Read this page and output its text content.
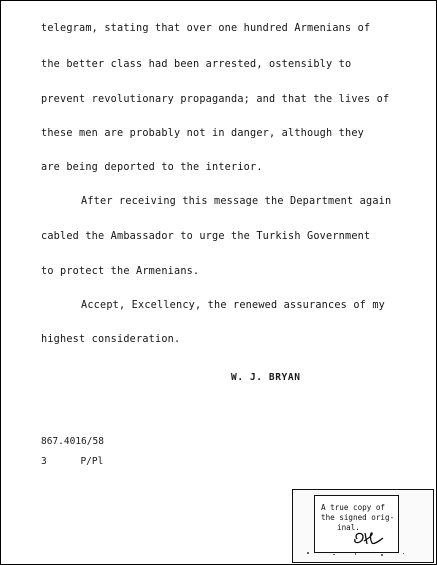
telegram, stating that over one hundred Armenians of
the better class had been arrested, ostensibly to
prevent revolutionary propaganda; and that the lives of
these men are probably not in danger, although they
are being deported to the interior.
After receiving this message the Department again
cabled the Ambassador to urge the Turkish Government
to protect the Armenians.
Accept, Excellency, the renewed assurances of my
highest consideration.
W. J. BRYAN
867.4016/58
3 P/Pl
A true copy of
the signed orig-
inal.
